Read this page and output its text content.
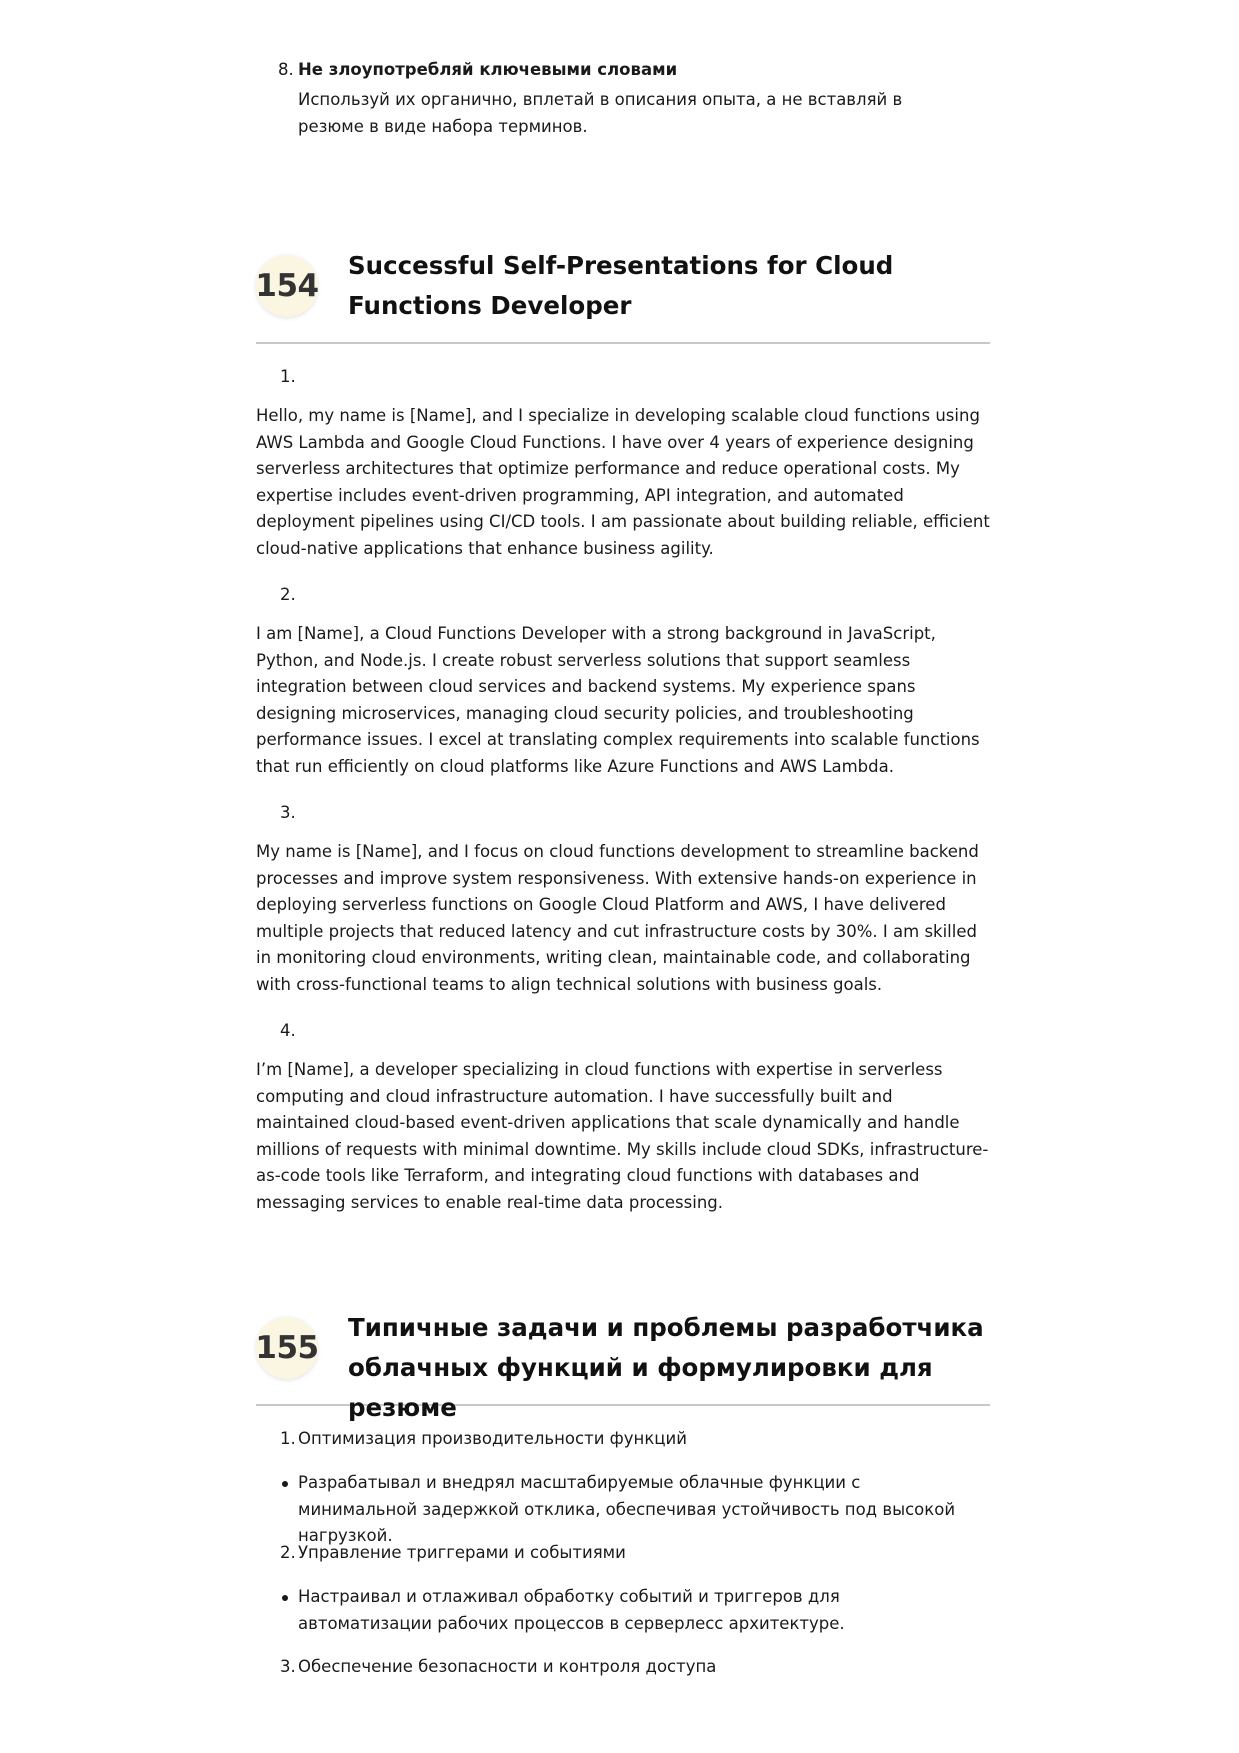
8. Не злоупотребляй ключевыми словами
Используй их органично, вплетай в описания опыта, а не вставляй в резюме в виде набора терминов.
154
Successful Self-Presentations for Cloud Functions Developer
1.
Hello, my name is [Name], and I specialize in developing scalable cloud functions using AWS Lambda and Google Cloud Functions. I have over 4 years of experience designing serverless architectures that optimize performance and reduce operational costs. My expertise includes event-driven programming, API integration, and automated deployment pipelines using CI/CD tools. I am passionate about building reliable, efficient cloud-native applications that enhance business agility.
2.
I am [Name], a Cloud Functions Developer with a strong background in JavaScript, Python, and Node.js. I create robust serverless solutions that support seamless integration between cloud services and backend systems. My experience spans designing microservices, managing cloud security policies, and troubleshooting performance issues. I excel at translating complex requirements into scalable functions that run efficiently on cloud platforms like Azure Functions and AWS Lambda.
3.
My name is [Name], and I focus on cloud functions development to streamline backend processes and improve system responsiveness. With extensive hands-on experience in deploying serverless functions on Google Cloud Platform and AWS, I have delivered multiple projects that reduced latency and cut infrastructure costs by 30%. I am skilled in monitoring cloud environments, writing clean, maintainable code, and collaborating with cross-functional teams to align technical solutions with business goals.
4.
I’m [Name], a developer specializing in cloud functions with expertise in serverless computing and cloud infrastructure automation. I have successfully built and maintained cloud-based event-driven applications that scale dynamically and handle millions of requests with minimal downtime. My skills include cloud SDKs, infrastructure-as-code tools like Terraform, and integrating cloud functions with databases and messaging services to enable real-time data processing.
155
Типичные задачи и проблемы разработчика облачных функций и формулировки для резюме
1. Оптимизация производительности функций
Разрабатывал и внедрял масштабируемые облачные функции с минимальной задержкой отклика, обеспечивая устойчивость под высокой нагрузкой.
2. Управление триггерами и событиями
Настраивал и отлаживал обработку событий и триггеров для автоматизации рабочих процессов в серверлесс архитектуре.
3. Обеспечение безопасности и контроля доступа
